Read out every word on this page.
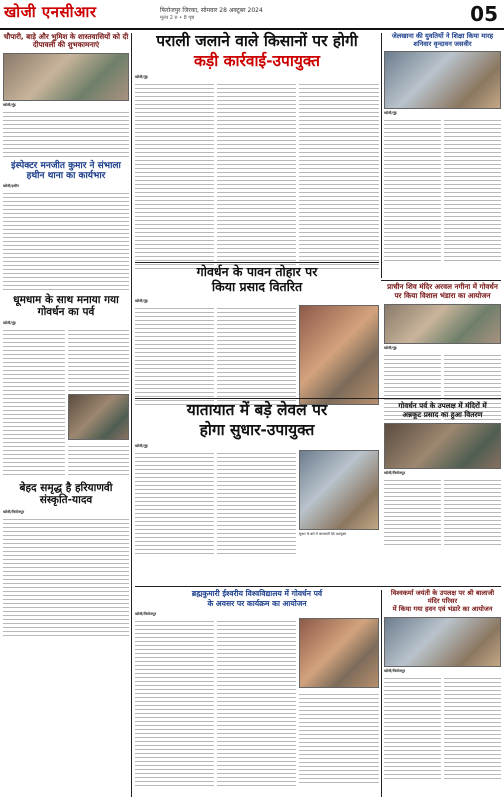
खोजी एनसीआर	फिरोजपुर जिरका, सोमवार 28 अक्टूबर 2024
मूल्य 2 रु • 8 पृष्ठ	05
चौपारी, बाड़े और भुमिश के शास्तवासियों को दी दीपावली की शुभकामनाएं
खोजी/नूंह
इंस्पेक्टर मनजीत कुमार ने संभाला हथीन थाना का कार्यभार
खोजी/हथीन
धूमधाम के साथ मनाया गया गोवर्धन का पर्व
खोजी/नूंह
बेहद समृद्ध है हरियाणवी संस्कृति-यादव
खोजी/फिरोजपुर
पराली जलाने वाले किसानों पर होगी
कड़ी कार्रवाई-उपायुक्त
खोजी/नूंह
जेलखाना की युवतियों ने शिक्षा किया मारह शनिवार वृन्दावन जसवीर
खोजी/नूंह
गोवर्धन के पावन तोहार पर
किया प्रसाद वितरित
खोजी/नूंह
प्राचीन शिव मंदिर अरवल नगीना में गोवर्धन
पर किया विशाल भंडारा का आयोजन
खोजी/नूंह
यातायात में बड़े लेवल पर
होगा सुधार-उपायुक्त
खोजी/नूंह
सुधार के बारे में जानकारी देते उपायुक्त
गोवर्धन पर्व के उपलक्ष में मंदिरों में
अन्नकूट प्रसाद का हुआ वितरण
खोजी/फिरोजपुर
ब्रह्मकुमारी ईश्वरीय विश्वविद्यालय में गोवर्धन पर्व
के अवसर पर कार्यक्रम का आयोजन
खोजी/फिरोजपुर
विश्वकर्मा जयंती के उपलक्ष पर श्री बालाजी मंदिर परिसर
में किया गया हवन एवं भंडारे का आयोजन
खोजी/फिरोजपुर
